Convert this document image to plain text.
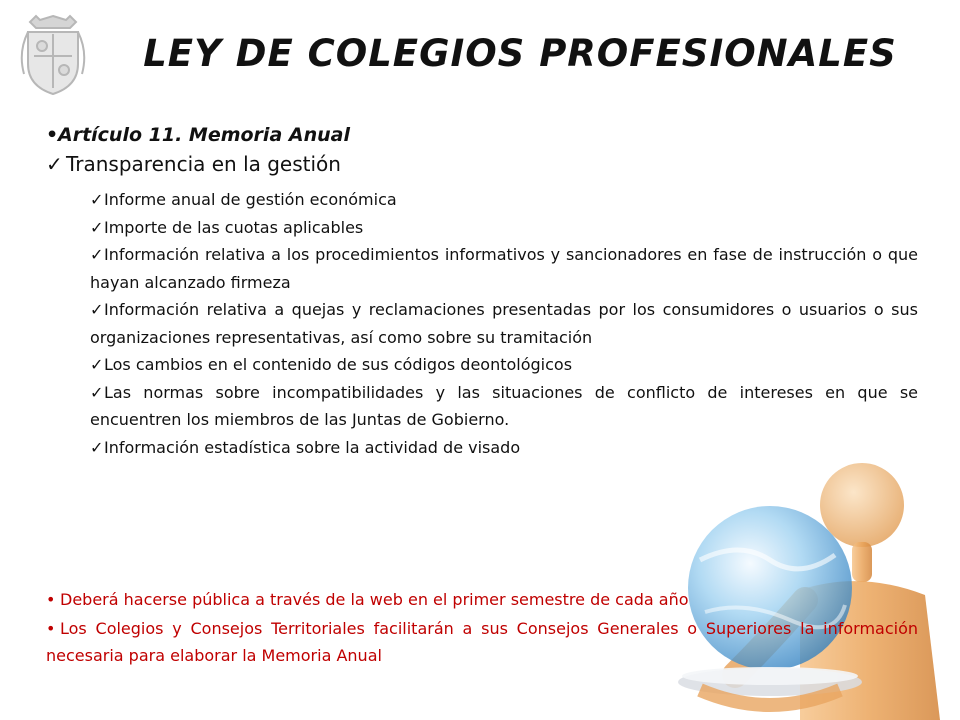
LEY DE COLEGIOS PROFESIONALES

•Artículo 11. Memoria Anual

✓ Transparencia en la gestión

✓Informe anual de gestión económica
✓Importe de las cuotas aplicables
✓Información relativa a los procedimientos informativos y sancionadores en fase de instrucción o que hayan alcanzado firmeza
✓Información relativa a quejas y reclamaciones presentadas por los consumidores o usuarios o sus organizaciones representativas, así como sobre su tramitación
✓Los cambios en el contenido de sus códigos deontológicos
✓Las normas sobre incompatibilidades y las situaciones de conflicto de intereses en que se encuentren los miembros de las Juntas de Gobierno.
✓Información estadística sobre la actividad de visado

• Deberá hacerse pública a través de la web en el primer semestre de cada año

• Los Colegios y Consejos Territoriales facilitarán a sus Consejos Generales o Superiores la información necesaria para elaborar la Memoria Anual
